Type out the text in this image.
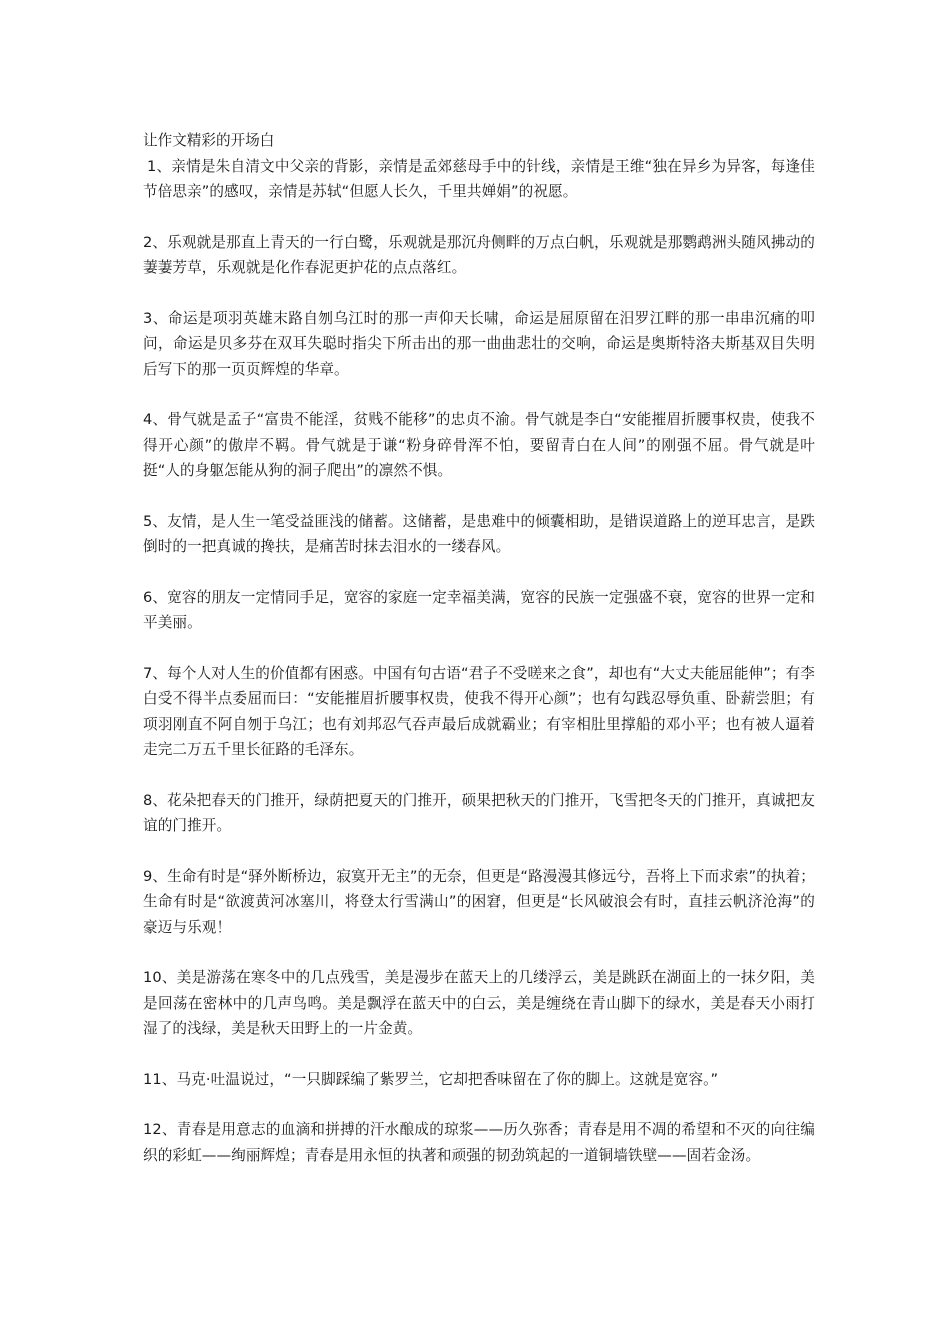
让作文精彩的开场白

1、亲情是朱自清文中父亲的背影，亲情是孟郊慈母手中的针线，亲情是王维“独在异乡为异客，每逢佳节倍思亲”的感叹，亲情是苏轼“但愿人长久，千里共婵娟”的祝愿。

2、乐观就是那直上青天的一行白鹭，乐观就是那沉舟侧畔的万点白帆，乐观就是那鹦鹉洲头随风拂动的萋萋芳草，乐观就是化作春泥更护花的点点落红。

3、命运是项羽英雄末路自刎乌江时的那一声仰天长啸，命运是屈原留在汨罗江畔的那一串串沉痛的叩问，命运是贝多芬在双耳失聪时指尖下所击出的那一曲曲悲壮的交响，命运是奥斯特洛夫斯基双目失明后写下的那一页页辉煌的华章。

4、骨气就是孟子“富贵不能淫，贫贱不能移”的忠贞不渝。骨气就是李白“安能摧眉折腰事权贵，使我不得开心颜”的傲岸不羁。骨气就是于谦“粉身碎骨浑不怕，要留青白在人间”的刚强不屈。骨气就是叶挺“人的身躯怎能从狗的洞子爬出”的凛然不惧。

5、友情，是人生一笔受益匪浅的储蓄。这储蓄，是患难中的倾囊相助，是错误道路上的逆耳忠言，是跌倒时的一把真诚的搀扶，是痛苦时抹去泪水的一缕春风。

6、宽容的朋友一定情同手足，宽容的家庭一定幸福美满，宽容的民族一定强盛不衰，宽容的世界一定和平美丽。

7、每个人对人生的价值都有困惑。中国有句古语“君子不受嗟来之食”，却也有“大丈夫能屈能伸”；有李白受不得半点委屈而曰：“安能摧眉折腰事权贵，使我不得开心颜”；也有勾践忍辱负重、卧薪尝胆；有项羽刚直不阿自刎于乌江；也有刘邦忍气吞声最后成就霸业；有宰相肚里撑船的邓小平；也有被人逼着走完二万五千里长征路的毛泽东。

8、花朵把春天的门推开，绿荫把夏天的门推开，硕果把秋天的门推开，飞雪把冬天的门推开，真诚把友谊的门推开。

9、生命有时是“驿外断桥边，寂寞开无主”的无奈，但更是“路漫漫其修远兮，吾将上下而求索”的执着；生命有时是“欲渡黄河冰塞川，将登太行雪满山”的困窘，但更是“长风破浪会有时，直挂云帆济沧海”的豪迈与乐观！

10、美是游荡在寒冬中的几点残雪，美是漫步在蓝天上的几缕浮云，美是跳跃在湖面上的一抹夕阳，美是回荡在密林中的几声鸟鸣。美是飘浮在蓝天中的白云，美是缠绕在青山脚下的绿水，美是春天小雨打湿了的浅绿，美是秋天田野上的一片金黄。

11、马克·吐温说过，“一只脚踩编了紫罗兰，它却把香味留在了你的脚上。这就是宽容。”

12、青春是用意志的血滴和拼搏的汗水酿成的琼浆——历久弥香；青春是用不凋的希望和不灭的向往编织的彩虹——绚丽辉煌；青春是用永恒的执著和顽强的韧劲筑起的一道铜墙铁壁——固若金汤。
